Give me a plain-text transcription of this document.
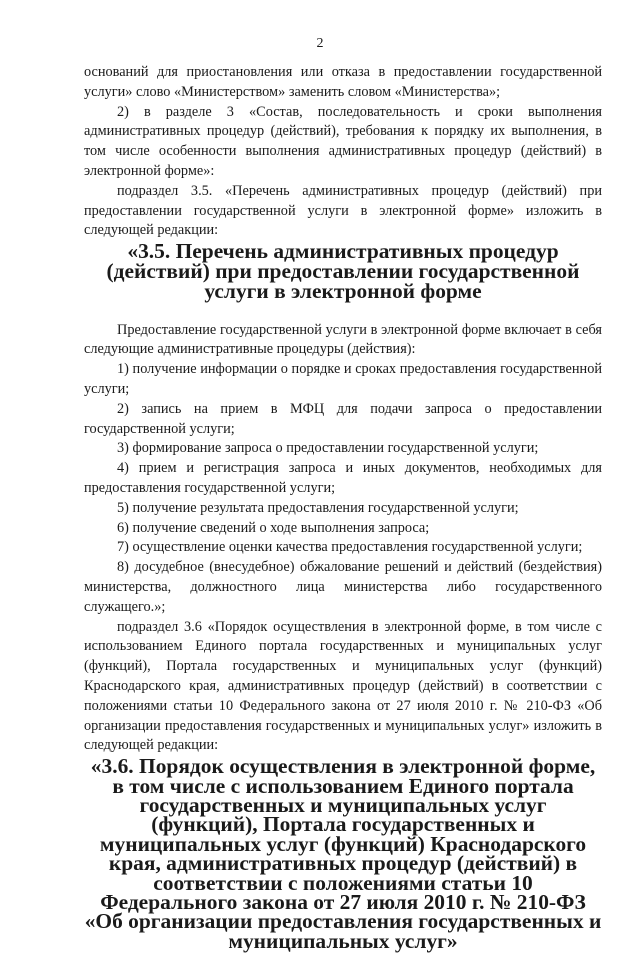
2

оснований для приостановления или отказа в предоставлении государственной услуги» слово «Министерством» заменить словом «Министерства»;

2) в разделе 3 «Состав, последовательность и сроки выполнения административных процедур (действий), требования к порядку их выполнения, в том числе особенности выполнения административных процедур (действий) в электронной форме»:

подраздел 3.5. «Перечень административных процедур (действий) при предоставлении государственной услуги в электронной форме» изложить в следующей редакции:

«3.5. Перечень административных процедур (действий) при предоставлении государственной услуги в электронной форме

Предоставление государственной услуги в электронной форме включает в себя следующие административные процедуры (действия):

1) получение информации о порядке и сроках предоставления государственной услуги;

2) запись на прием в МФЦ для подачи запроса о предоставлении государственной услуги;

3) формирование запроса о предоставлении государственной услуги;

4) прием и регистрация запроса и иных документов, необходимых для предоставления государственной услуги;

5) получение результата предоставления государственной услуги;

6) получение сведений о ходе выполнения запроса;

7) осуществление оценки качества предоставления государственной услуги;

8) досудебное (внесудебное) обжалование решений и действий (бездействия) министерства, должностного лица министерства либо государственного служащего.»;

подраздел 3.6 «Порядок осуществления в электронной форме, в том числе с использованием Единого портала государственных и муниципальных услуг (функций), Портала государственных и муниципальных услуг (функций) Краснодарского края, административных процедур (действий) в соответствии с положениями статьи 10 Федерального закона от 27 июля 2010 г. № 210-ФЗ «Об организации предоставления государственных и муниципальных услуг» изложить в следующей редакции:

«3.6. Порядок осуществления в электронной форме, в том числе с использованием Единого портала государственных и муниципальных услуг (функций), Портала государственных и муниципальных услуг (функций) Краснодарского края, административных процедур (действий) в соответствии с положениями статьи 10 Федерального закона от 27 июля 2010 г. № 210-ФЗ «Об организации предоставления государственных и муниципальных услуг»
